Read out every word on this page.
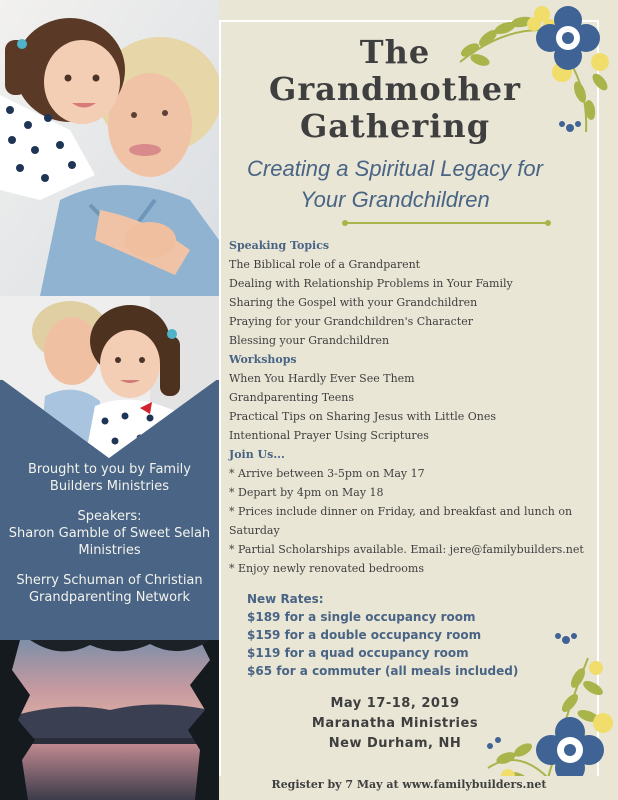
Brought to you by Family Builders Ministries

Speakers:

Sharon Gamble of Sweet Selah Ministries

Sherry Schuman of Christian Grandparenting Network

The
Grandmother
Gathering
Creating a Spiritual Legacy for
Your Grandchildren
Speaking Topics
The Biblical role of a Grandparent
Dealing with Relationship Problems in Your Family
Sharing the Gospel with your Grandchildren
Praying for your Grandchildren's Character
Blessing your Grandchildren
Workshops
When You Hardly Ever See Them
Grandparenting Teens
Practical Tips on Sharing Jesus with Little Ones
Intentional Prayer Using Scriptures
Join Us...
* Arrive between 3-5pm on May 17
* Depart by 4pm on May 18
* Prices include dinner on Friday, and breakfast and lunch on Saturday
* Partial Scholarships available. Email: jere@familybuilders.net
* Enjoy newly renovated bedrooms
New Rates:
$189 for a single occupancy room
$159 for a double occupancy room
$119 for a quad occupancy room
$65 for a commuter (all meals included)
May 17-18, 2019
Maranatha Ministries
New Durham, NH
Register by 7 May at www.familybuilders.net
